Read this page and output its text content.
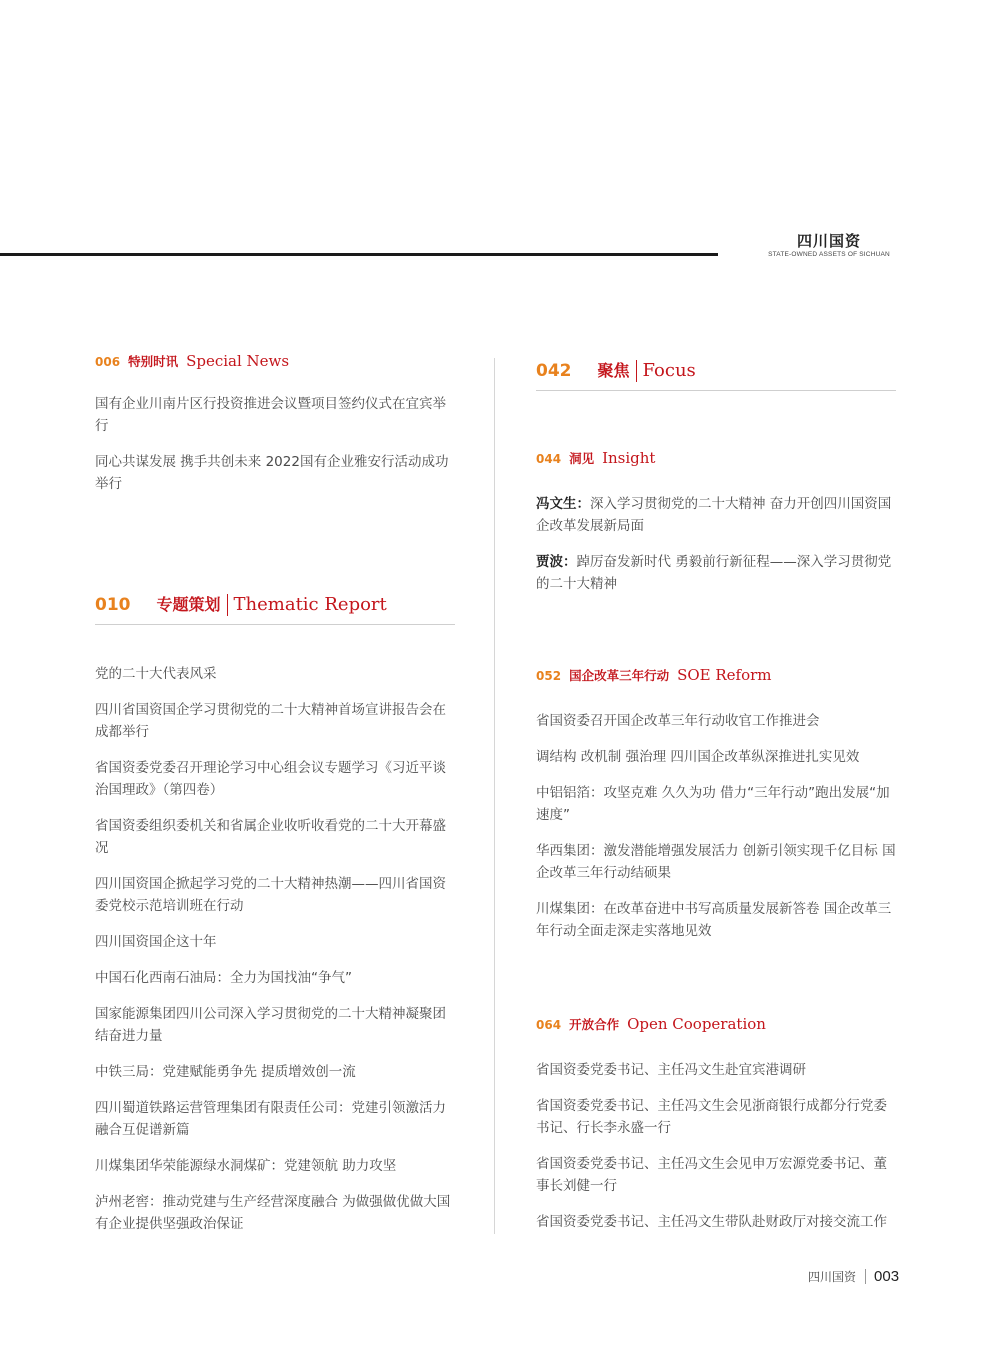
四川国资
STATE-OWNED ASSETS OF SICHUAN
006 特别时讯 Special News
国有企业川南片区行投资推进会议暨项目签约仪式在宜宾举行
同心共谋发展 携手共创未来 2022国有企业雅安行活动成功举行
010 专题策划 Thematic Report
党的二十大代表风采
四川省国资国企学习贯彻党的二十大精神首场宣讲报告会在成都举行
省国资委党委召开理论学习中心组会议专题学习《习近平谈治国理政》（第四卷）
省国资委组织委机关和省属企业收听收看党的二十大开幕盛况
四川国资国企掀起学习党的二十大精神热潮——四川省国资委党校示范培训班在行动
四川国资国企这十年
中国石化西南石油局：全力为国找油“争气”
国家能源集团四川公司深入学习贯彻党的二十大精神凝聚团结奋进力量
中铁三局：党建赋能勇争先 提质增效创一流
四川蜀道铁路运营管理集团有限责任公司：党建引领激活力 融合互促谱新篇
川煤集团华荣能源绿水洞煤矿：党建领航 助力攻坚
泸州老窖：推动党建与生产经营深度融合 为做强做优做大国有企业提供坚强政治保证
042 聚焦 Focus
044 洞见 Insight
冯文生：深入学习贯彻党的二十大精神 奋力开创四川国资国企改革发展新局面
贾波：踔厉奋发新时代 勇毅前行新征程——深入学习贯彻党的二十大精神
052 国企改革三年行动 SOE Reform
省国资委召开国企改革三年行动收官工作推进会
调结构 改机制 强治理 四川国企改革纵深推进扎实见效
中铝铝箔：攻坚克难 久久为功 借力“三年行动”跑出发展“加速度”
华西集团：激发潜能增强发展活力 创新引领实现千亿目标 国企改革三年行动结硕果
川煤集团：在改革奋进中书写高质量发展新答卷 国企改革三年行动全面走深走实落地见效
064 开放合作 Open Cooperation
省国资委党委书记、主任冯文生赴宜宾港调研
省国资委党委书记、主任冯文生会见浙商银行成都分行党委书记、行长李永盛一行
省国资委党委书记、主任冯文生会见申万宏源党委书记、董事长刘健一行
省国资委党委书记、主任冯文生带队赴财政厅对接交流工作
四川国资 003
